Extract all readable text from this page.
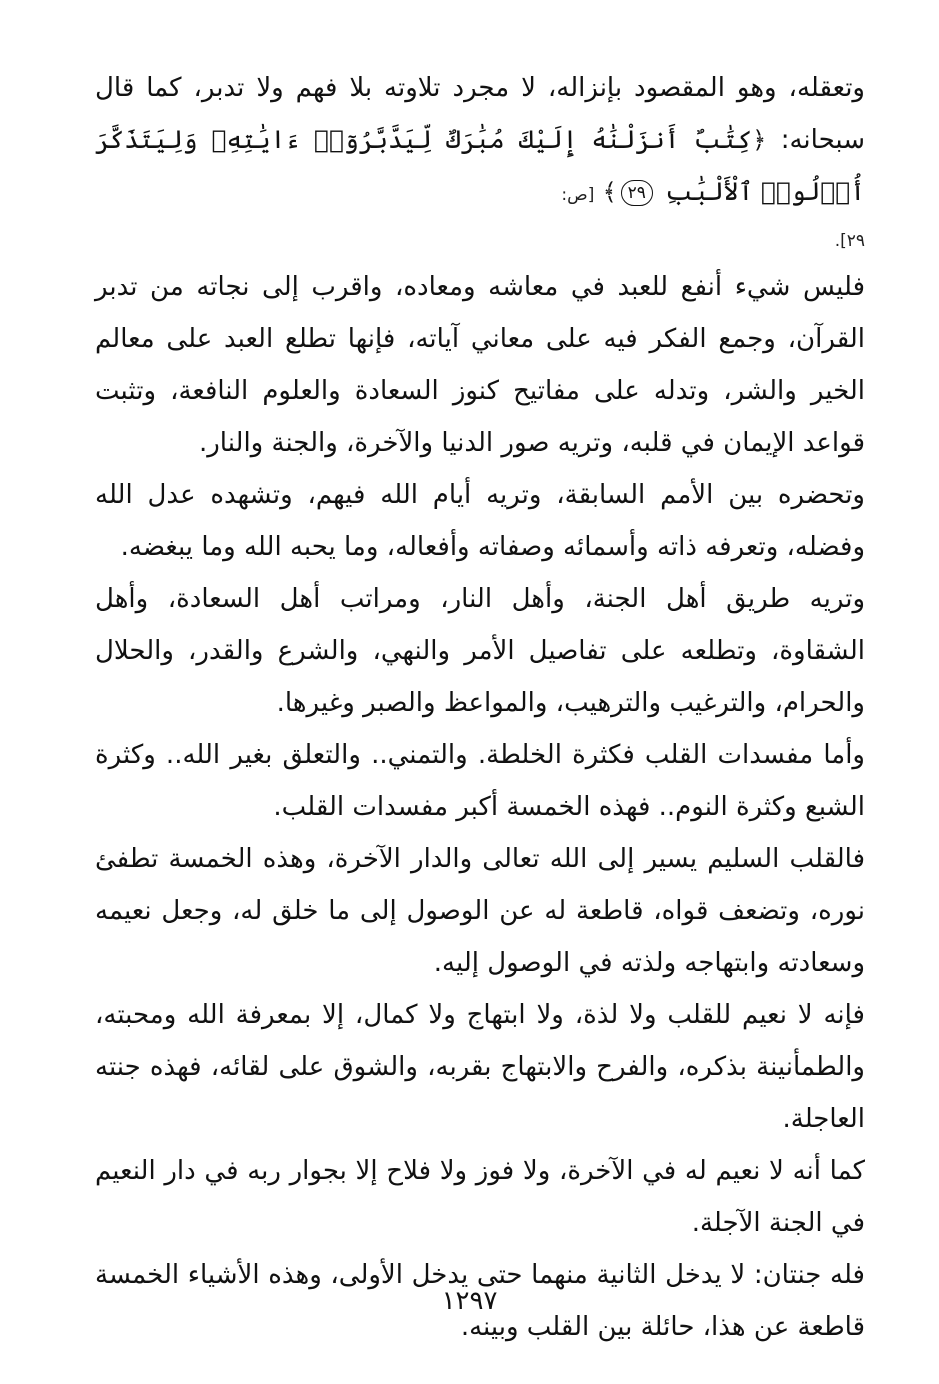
وتعقله، وهو المقصود بإنزاله، لا مجرد تلاوته بلا فهم ولا تدبر، كما قال سبحانه: ﴿كِتَٰبٌ أَنزَلْنَٰهُ إِلَيْكَ مُبَٰرَكٌ لِّيَدَّبَّرُوٓا۟ ءَايَٰتِهِۦ وَلِيَتَذَكَّرَ أُو۟لُوا۟ ٱلْأَلْبَٰبِ ٢٩﴾ [ص:

٢٩].

فليس شيء أنفع للعبد في معاشه ومعاده، واقرب إلى نجاته من تدبر القرآن، وجمع الفكر فيه على معاني آياته، فإنها تطلع العبد على معالم الخير والشر، وتدله على مفاتيح كنوز السعادة والعلوم النافعة، وتثبت قواعد الإيمان في قلبه، وتريه صور الدنيا والآخرة، والجنة والنار.

وتحضره بين الأمم السابقة، وتريه أيام الله فيهم، وتشهده عدل الله وفضله، وتعرفه ذاته وأسمائه وصفاته وأفعاله، وما يحبه الله وما يبغضه.

وتريه طريق أهل الجنة، وأهل النار، ومراتب أهل السعادة، وأهل الشقاوة، وتطلعه على تفاصيل الأمر والنهي، والشرع والقدر، والحلال والحرام، والترغيب والترهيب، والمواعظ والصبر وغيرها.

وأما مفسدات القلب فكثرة الخلطة. والتمني.. والتعلق بغير الله.. وكثرة الشبع وكثرة النوم.. فهذه الخمسة أكبر مفسدات القلب.

فالقلب السليم يسير إلى الله تعالى والدار الآخرة، وهذه الخمسة تطفئ نوره، وتضعف قواه، قاطعة له عن الوصول إلى ما خلق له، وجعل نعيمه وسعادته وابتهاجه ولذته في الوصول إليه.

فإنه لا نعيم للقلب ولا لذة، ولا ابتهاج ولا كمال، إلا بمعرفة الله ومحبته، والطمأنينة بذكره، والفرح والابتهاج بقربه، والشوق على لقائه، فهذه جنته العاجلة.

كما أنه لا نعيم له في الآخرة، ولا فوز ولا فلاح إلا بجوار ربه في دار النعيم في الجنة الآجلة.

فله جنتان: لا يدخل الثانية منهما حتى يدخل الأولى، وهذه الأشياء الخمسة قاطعة عن هذا، حائلة بين القلب وبينه.

١٢٩٧
